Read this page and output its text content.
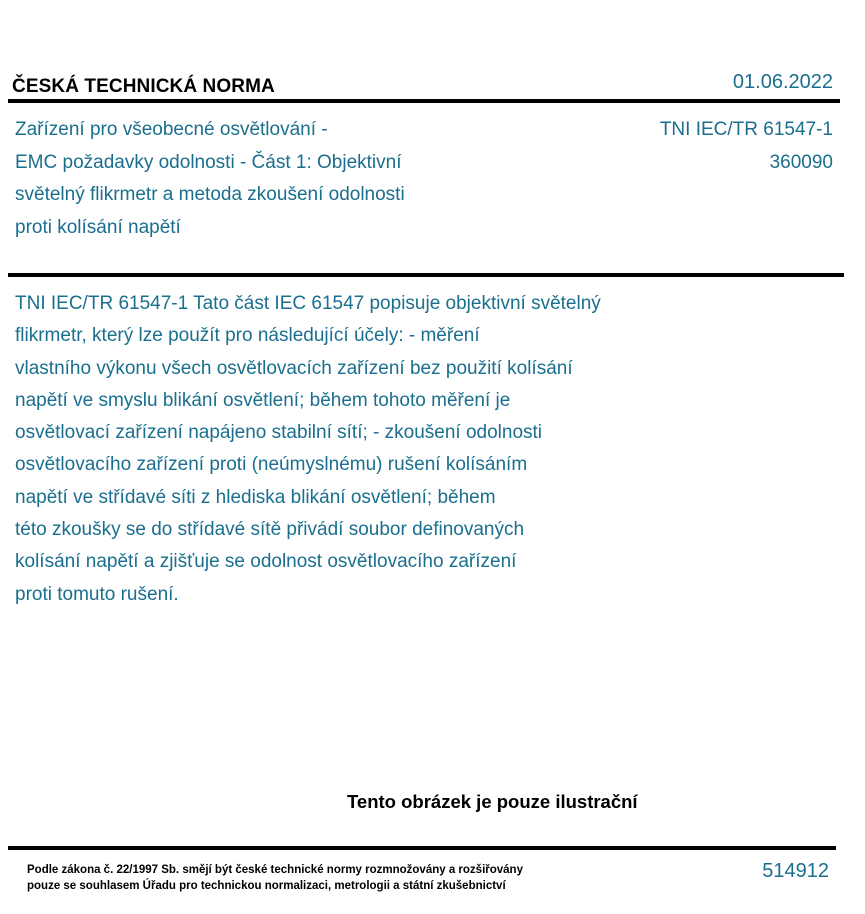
ČESKÁ TECHNICKÁ NORMA	01.06.2022
Zařízení pro všeobecné osvětlování -
EMC požadavky odolnosti - Část 1: Objektivní
světelný flikrmetr a metoda zkoušení odolnosti
proti kolísání napětí
TNI IEC/TR 61547-1
360090
TNI IEC/TR 61547-1 Tato část IEC 61547 popisuje objektivní světelný
flikrmetr, který lze použít pro následující účely: - měření
vlastního výkonu všech osvětlovacích zařízení bez použití kolísání
napětí ve smyslu blikání osvětlení; během tohoto měření je
osvětlovací zařízení napájeno stabilní sítí; - zkoušení odolnosti
osvětlovacího zařízení proti (neúmyslnému) rušení kolísáním
napětí ve střídavé síti z hlediska blikání osvětlení; během
této zkoušky se do střídavé sítě přivádí soubor definovaných
kolísání napětí a zjišťuje se odolnost osvětlovacího zařízení
proti tomuto rušení.
Tento obrázek je pouze ilustrační
Podle zákona č. 22/1997 Sb. smějí být české technické normy rozmnožovány a rozšiřovány
pouze se souhlasem Úřadu pro technickou normalizaci, metrologii a státní zkušebnictví
514912
